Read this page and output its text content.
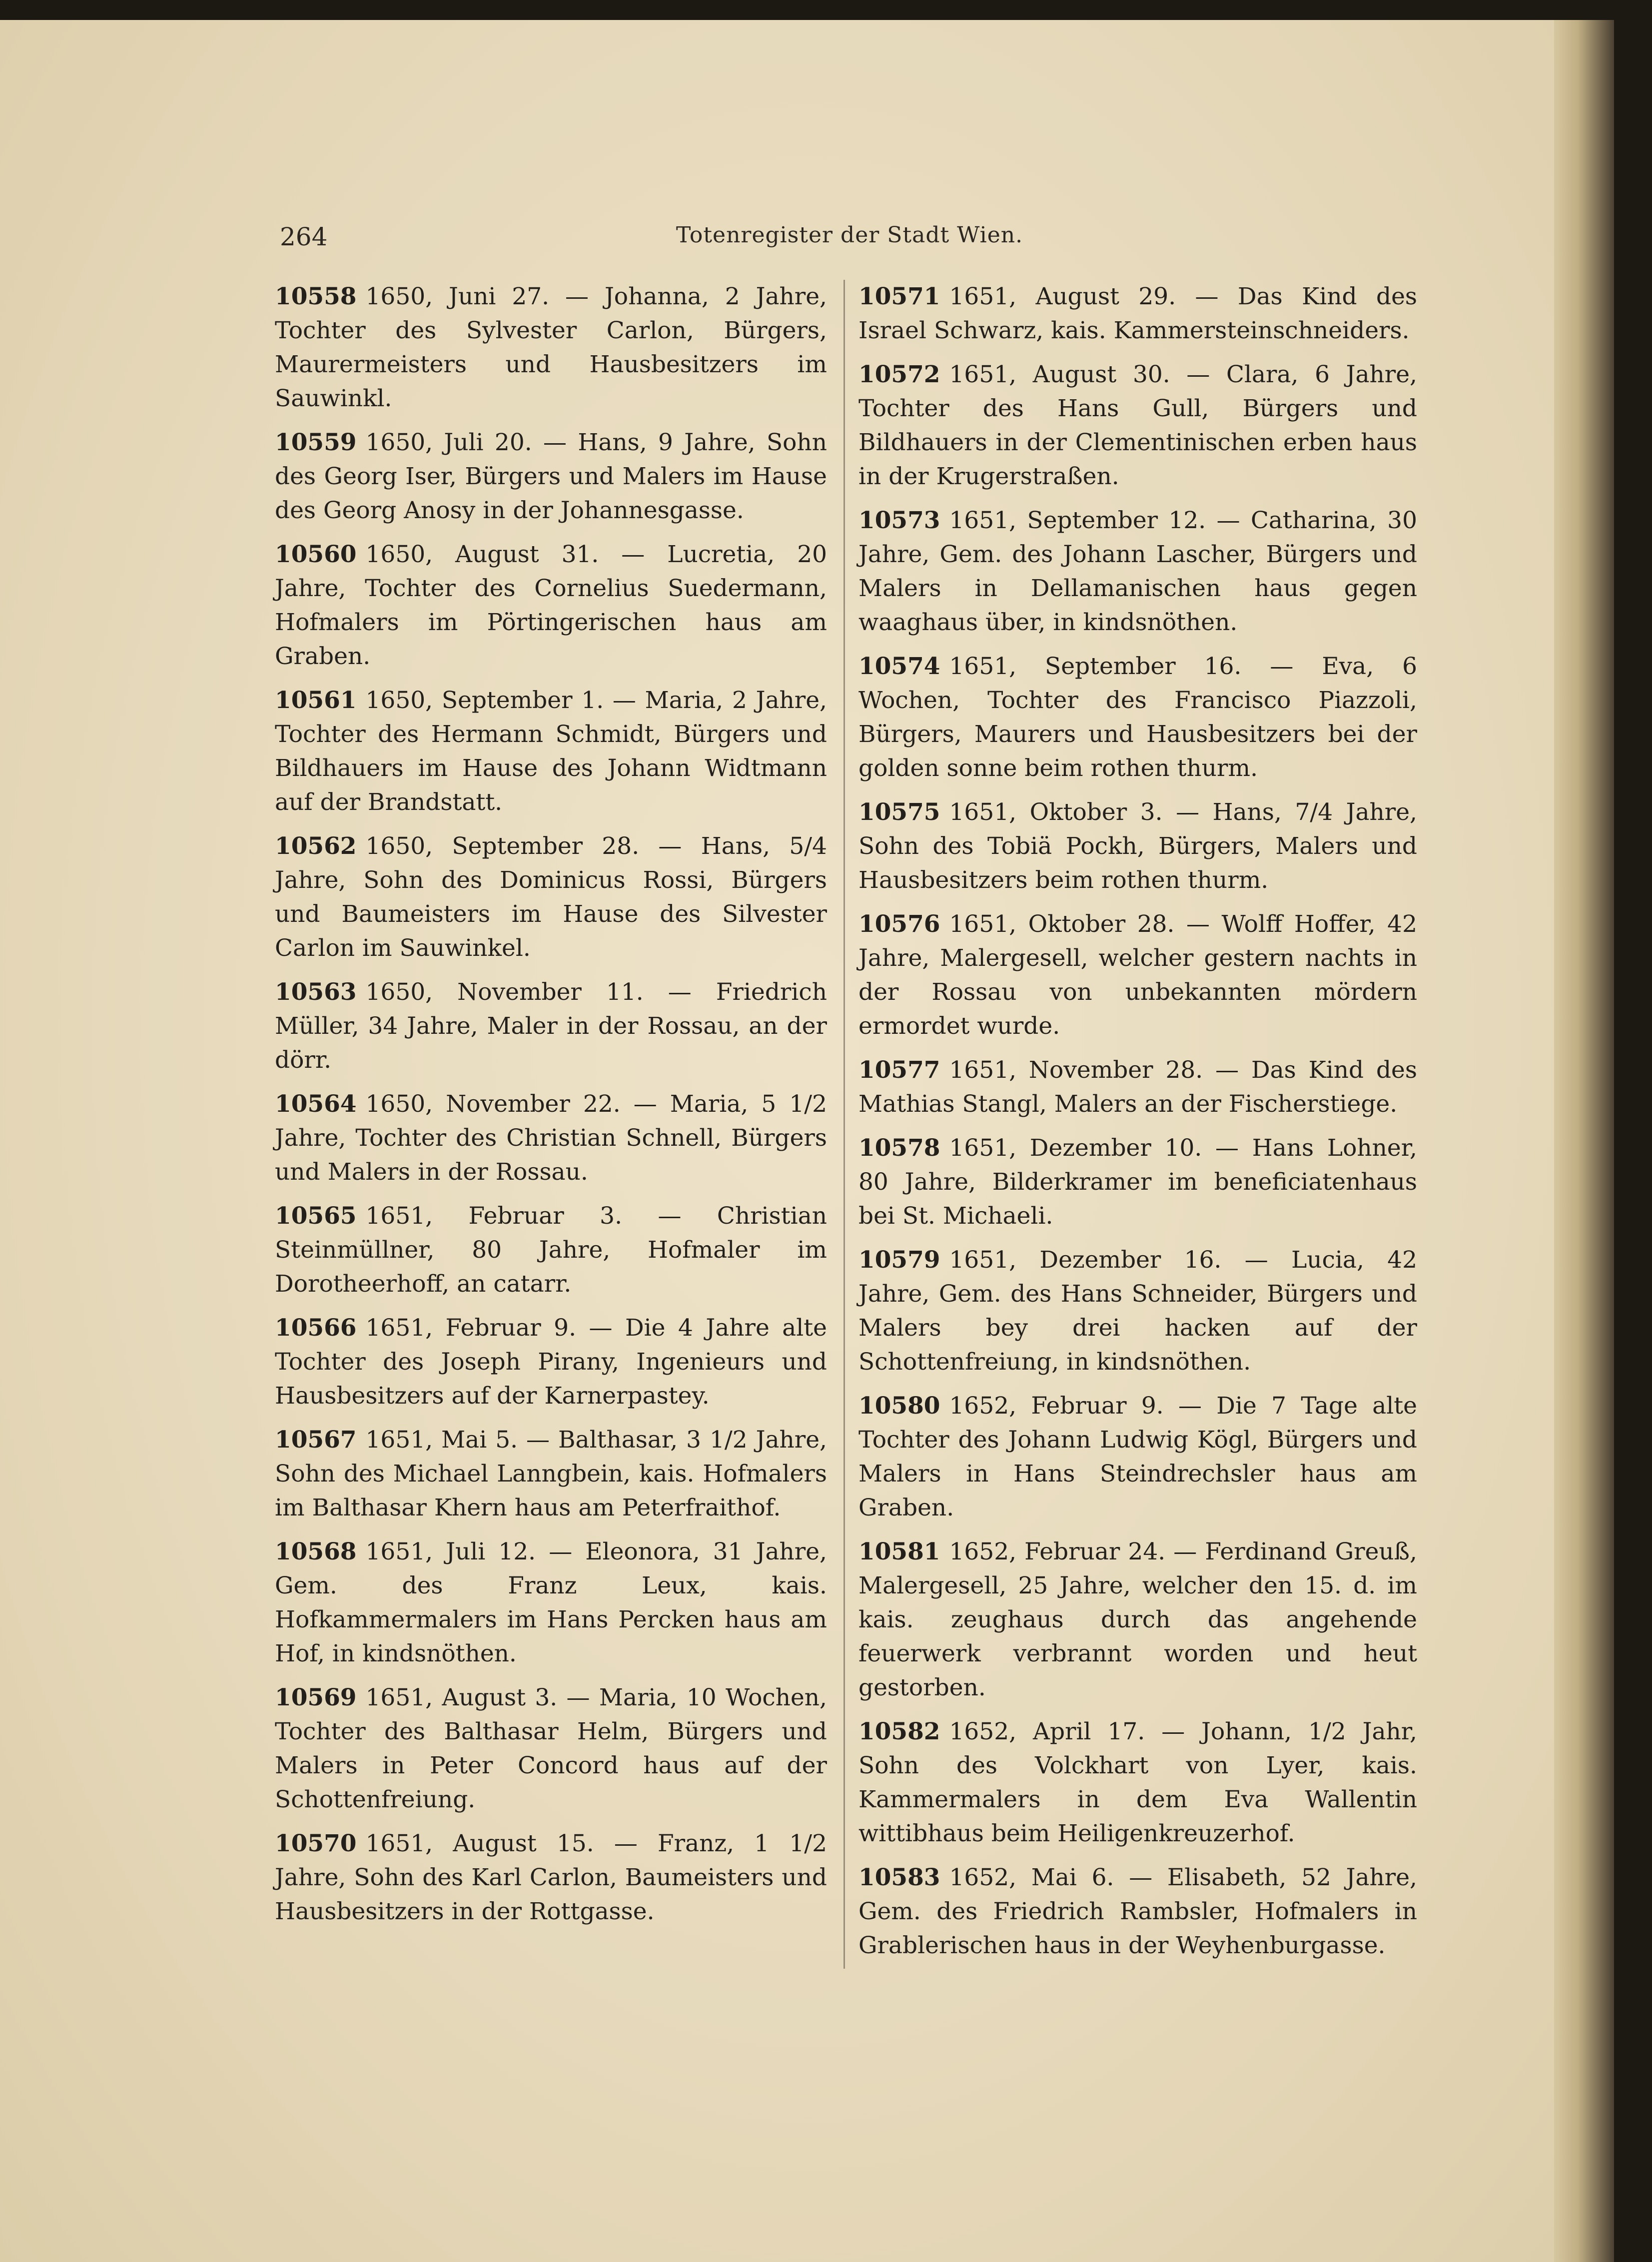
264	Totenregister der Stadt Wien.
10558 1650, Juni 27. — Johanna, 2 Jahre, Tochter des Sylvester Carlon, Bürgers, Maurermeisters und Hausbesitzers im Sauwinkl.
10559 1650, Juli 20. — Hans, 9 Jahre, Sohn des Georg Iser, Bürgers und Malers im Hause des Georg Anosy in der Johannesgasse.
10560 1650, August 31. — Lucretia, 20 Jahre, Tochter des Cornelius Suedermann, Hofmalers im Pörtingerischen haus am Graben.
10561 1650, September 1. — Maria, 2 Jahre, Tochter des Hermann Schmidt, Bürgers und Bildhauers im Hause des Johann Widtmann auf der Brandstatt.
10562 1650, September 28. — Hans, 5/4 Jahre, Sohn des Dominicus Rossi, Bürgers und Baumeisters im Hause des Silvester Carlon im Sauwinkel.
10563 1650, November 11. — Friedrich Müller, 34 Jahre, Maler in der Rossau, an der dörr.
10564 1650, November 22. — Maria, 5 1/2 Jahre, Tochter des Christian Schnell, Bürgers und Malers in der Rossau.
10565 1651, Februar 3. — Christian Steinmüllner, 80 Jahre, Hofmaler im Dorotheerhoff, an catarr.
10566 1651, Februar 9. — Die 4 Jahre alte Tochter des Joseph Pirany, Ingenieurs und Hausbesitzers auf der Karnerpastey.
10567 1651, Mai 5. — Balthasar, 3 1/2 Jahre, Sohn des Michael Lanngbein, kais. Hofmalers im Balthasar Khern haus am Peterfraithof.
10568 1651, Juli 12. — Eleonora, 31 Jahre, Gem. des Franz Leux, kais. Hofkammermalers im Hans Percken haus am Hof, in kindsnöthen.
10569 1651, August 3. — Maria, 10 Wochen, Tochter des Balthasar Helm, Bürgers und Malers in Peter Concord haus auf der Schottenfreiung.
10570 1651, August 15. — Franz, 1 1/2 Jahre, Sohn des Karl Carlon, Baumeisters und Hausbesitzers in der Rottgasse.
10571 1651, August 29. — Das Kind des Israel Schwarz, kais. Kammersteinschneiders.
10572 1651, August 30. — Clara, 6 Jahre, Tochter des Hans Gull, Bürgers und Bildhauers in der Clementinischen erben haus in der Krugerstraßen.
10573 1651, September 12. — Catharina, 30 Jahre, Gem. des Johann Lascher, Bürgers und Malers in Dellamanischen haus gegen waaghaus über, in kindsnöthen.
10574 1651, September 16. — Eva, 6 Wochen, Tochter des Francisco Piazzoli, Bürgers, Maurers und Hausbesitzers bei der golden sonne beim rothen thurm.
10575 1651, Oktober 3. — Hans, 7/4 Jahre, Sohn des Tobiä Pockh, Bürgers, Malers und Hausbesitzers beim rothen thurm.
10576 1651, Oktober 28. — Wolff Hoffer, 42 Jahre, Malergesell, welcher gestern nachts in der Rossau von unbekannten mördern ermordet wurde.
10577 1651, November 28. — Das Kind des Mathias Stangl, Malers an der Fischerstiege.
10578 1651, Dezember 10. — Hans Lohner, 80 Jahre, Bilderkramer im beneficiatenhaus bei St. Michaeli.
10579 1651, Dezember 16. — Lucia, 42 Jahre, Gem. des Hans Schneider, Bürgers und Malers bey drei hacken auf der Schottenfreiung, in kindsnöthen.
10580 1652, Februar 9. — Die 7 Tage alte Tochter des Johann Ludwig Kögl, Bürgers und Malers in Hans Steindrechsler haus am Graben.
10581 1652, Februar 24. — Ferdinand Greuß, Malergesell, 25 Jahre, welcher den 15. d. im kais. zeughaus durch das angehende feuerwerk verbrannt worden und heut gestorben.
10582 1652, April 17. — Johann, 1/2 Jahr, Sohn des Volckhart von Lyer, kais. Kammermalers in dem Eva Wallentin wittibhaus beim Heiligenkreuzerhof.
10583 1652, Mai 6. — Elisabeth, 52 Jahre, Gem. des Friedrich Rambsler, Hofmalers in Grablerischen haus in der Weyhenburgasse.
